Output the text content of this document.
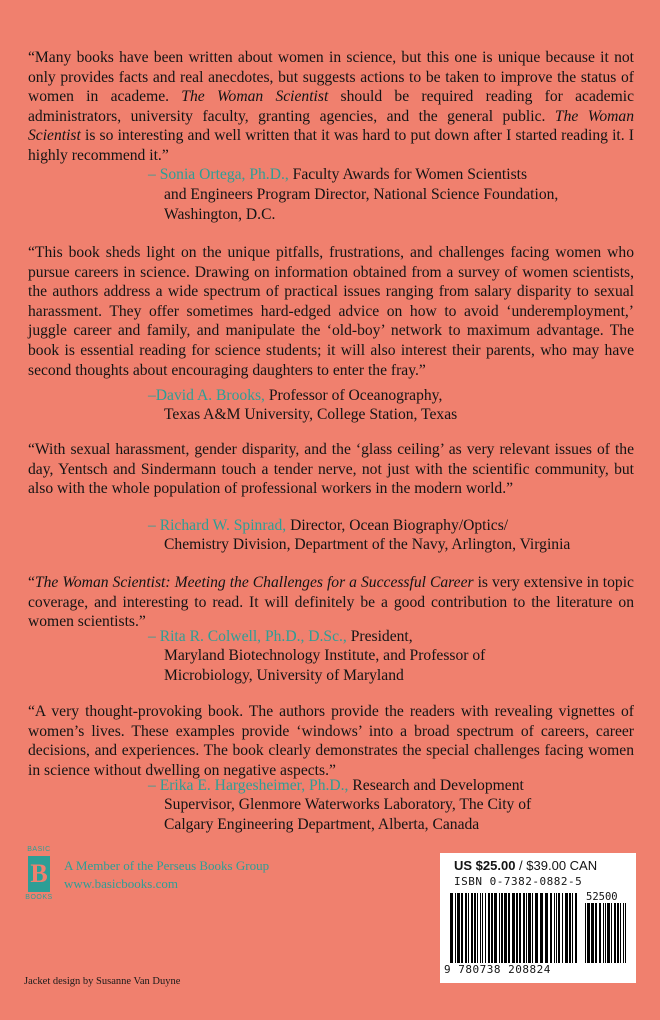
“Many books have been written about women in science, but this one is unique because it not only provides facts and real anecdotes, but suggests actions to be taken to improve the status of women in academe. The Woman Scientist should be required reading for academic administrators, university faculty, granting agencies, and the general public. The Woman Scientist is so interesting and well written that it was hard to put down after I started reading it. I highly recommend it.”

– Sonia Ortega, Ph.D., Faculty Awards for Women Scientists

and Engineers Program Director, National Science Foundation,

Washington, D.C.

“This book sheds light on the unique pitfalls, frustrations, and challenges facing women who pursue careers in science. Drawing on information obtained from a survey of women scientists, the authors address a wide spectrum of practical issues ranging from salary disparity to sexual harassment. They offer sometimes hard-edged advice on how to avoid ‘underemployment,’ juggle career and family, and manipulate the ‘old-boy’ network to maximum advantage. The book is essential reading for science students; it will also interest their parents, who may have second thoughts about encouraging daughters to enter the fray.”

–David A. Brooks, Professor of Oceanography,

Texas A&M University, College Station, Texas

“With sexual harassment, gender disparity, and the ‘glass ceiling’ as very relevant issues of the day, Yentsch and Sindermann touch a tender nerve, not just with the scientific community, but also with the whole population of professional workers in the modern world.”

– Richard W. Spinrad, Director, Ocean Biography/Optics/

Chemistry Division, Department of the Navy, Arlington, Virginia

“The Woman Scientist: Meeting the Challenges for a Successful Career is very extensive in topic coverage, and interesting to read. It will definitely be a good contribution to the literature on women scientists.”

– Rita R. Colwell, Ph.D., D.Sc., President,

Maryland Biotechnology Institute, and Professor of

Microbiology, University of Maryland

“A very thought-provoking book. The authors provide the readers with revealing vignettes of women’s lives. These examples provide ‘windows’ into a broad spectrum of careers, career decisions, and experiences. The book clearly demonstrates the special challenges facing women in science without dwelling on negative aspects.”

– Erika E. Hargesheimer, Ph.D., Research and Development

Supervisor, Glenmore Waterworks Laboratory, The City of

Calgary Engineering Department, Alberta, Canada

BASIC
B
BOOKS
A Member of the Perseus Books Group
www.basicbooks.com
Jacket design by Susanne Van Duyne
US $25.00 / $39.00 CAN
ISBN 0-7382-0882-5
52500
9 780738 208824
